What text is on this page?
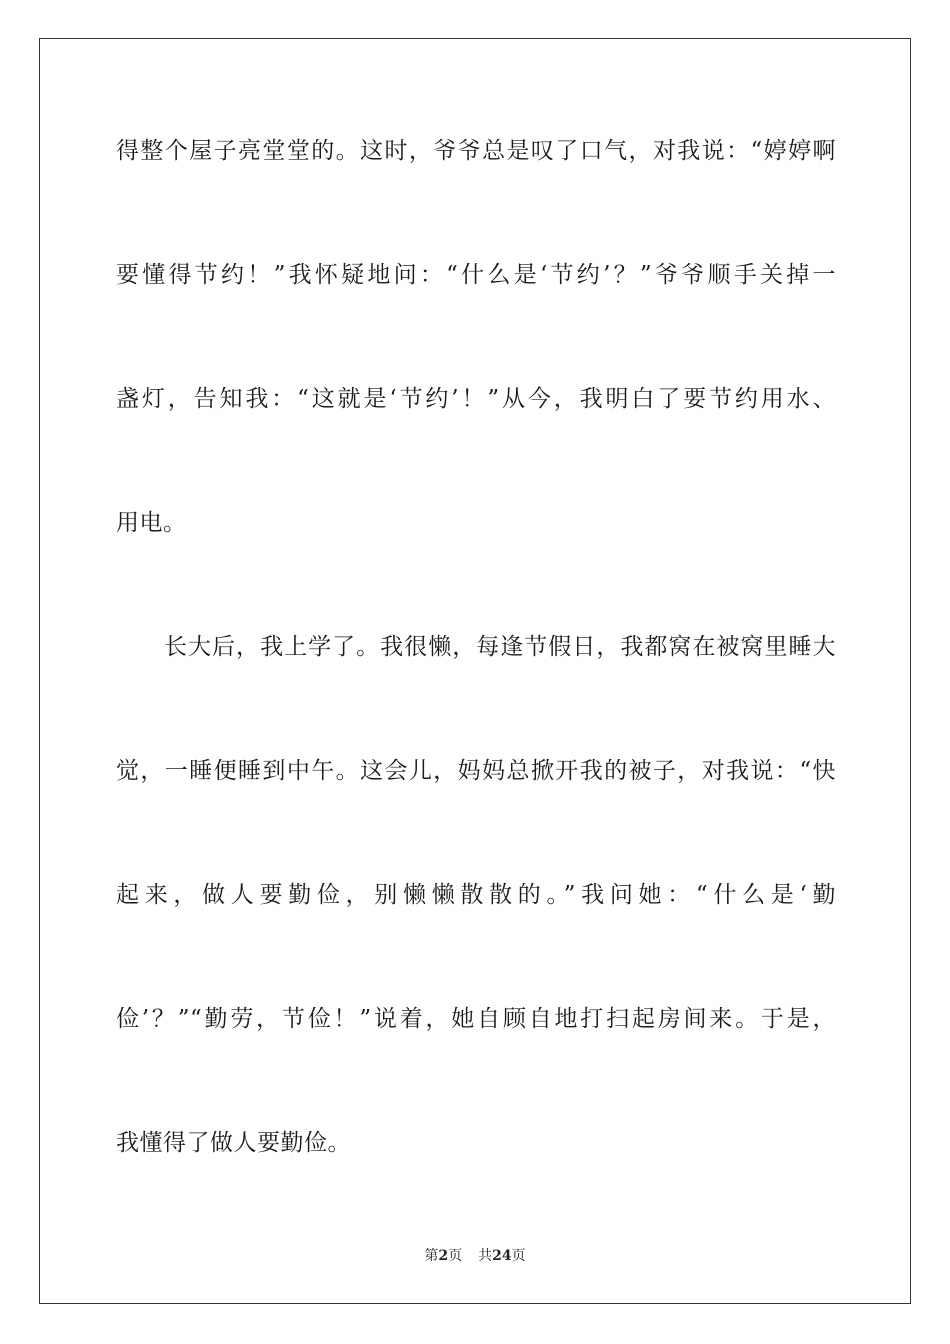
得整个屋子亮堂堂的。这时，爷爷总是叹了口气，对我说：“婷婷啊
要懂得节约！”我怀疑地问：“什么是‘节约’？”爷爷顺手关掉一
盏灯，告知我：“这就是‘节约’！”从今，我明白了要节约用水、
用电。
长大后，我上学了。我很懒，每逢节假日，我都窝在被窝里睡大
觉，一睡便睡到中午。这会儿，妈妈总掀开我的被子，对我说：“快
起来，做人要勤俭，别懒懒散散的。”我问她：“什么是‘勤
俭’？”“勤劳，节俭！”说着，她自顾自地打扫起房间来。于是，
我懂得了做人要勤俭。
第2页 共24页
